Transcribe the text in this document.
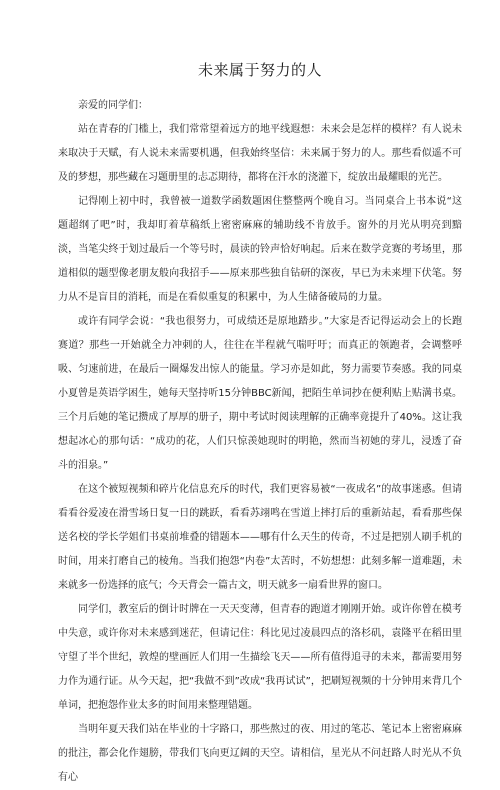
未来属于努力的人

亲爱的同学们：

站在青春的门槛上，我们常常望着远方的地平线遐想：未来会是怎样的模样？有人说未来取决于天赋，有人说未来需要机遇，但我始终坚信：未来属于努力的人。那些看似遥不可及的梦想，那些藏在习题册里的忐忑期待，都将在汗水的浇灌下，绽放出最耀眼的光芒。

记得刚上初中时，我曾被一道数学函数题困住整整两个晚自习。当同桌合上书本说“这题超纲了吧”时，我却盯着草稿纸上密密麻麻的辅助线不肯放手。窗外的月光从明亮到黯淡，当笔尖终于划过最后一个等号时，晨读的铃声恰好响起。后来在数学竞赛的考场里，那道相似的题型像老朋友般向我招手——原来那些独自钻研的深夜，早已为未来埋下伏笔。努力从不是盲目的消耗，而是在看似重复的积累中，为人生储备破局的力量。

或许有同学会说：“我也很努力，可成绩还是原地踏步。”大家是否记得运动会上的长跑赛道？那些一开始就全力冲刺的人，往往在半程就气喘吁吁；而真正的领跑者，会调整呼吸、匀速前进，在最后一圈爆发出惊人的能量。学习亦是如此，努力需要节奏感。我的同桌小夏曾是英语学困生，她每天坚持听15分钟BBC新闻，把陌生单词抄在便利贴上贴满书桌。三个月后她的笔记攒成了厚厚的册子，期中考试时阅读理解的正确率竟提升了40%。这让我想起冰心的那句话：“成功的花，人们只惊羡她现时的明艳，然而当初她的芽儿，浸透了奋斗的泪泉。”

在这个被短视频和碎片化信息充斥的时代，我们更容易被“一夜成名”的故事迷惑。但请看看谷爱凌在滑雪场日复一日的跳跃，看看苏翊鸣在雪道上摔打后的重新站起，看看那些保送名校的学长学姐们书桌前堆叠的错题本——哪有什么天生的传奇，不过是把别人刷手机的时间，用来打磨自己的棱角。当我们抱怨“内卷”太苦时，不妨想想：此刻多解一道难题，未来就多一份选择的底气；今天背会一篇古文，明天就多一扇看世界的窗口。

同学们，教室后的倒计时牌在一天天变薄，但青春的跑道才刚刚开始。或许你曾在模考中失意，或许你对未来感到迷茫，但请记住：科比见过凌晨四点的洛杉矶，袁隆平在稻田里守望了半个世纪，敦煌的壁画匠人们用一生描绘飞天——所有值得追寻的未来，都需要用努力作为通行证。从今天起，把“我做不到”改成“我再试试”，把刷短视频的十分钟用来背几个单词，把抱怨作业太多的时间用来整理错题。

当明年夏天我们站在毕业的十字路口，那些熬过的夜、用过的笔芯、笔记本上密密麻麻的批注，都会化作翅膀，带我们飞向更辽阔的天空。请相信，星光从不问赶路人时光从不负有心
